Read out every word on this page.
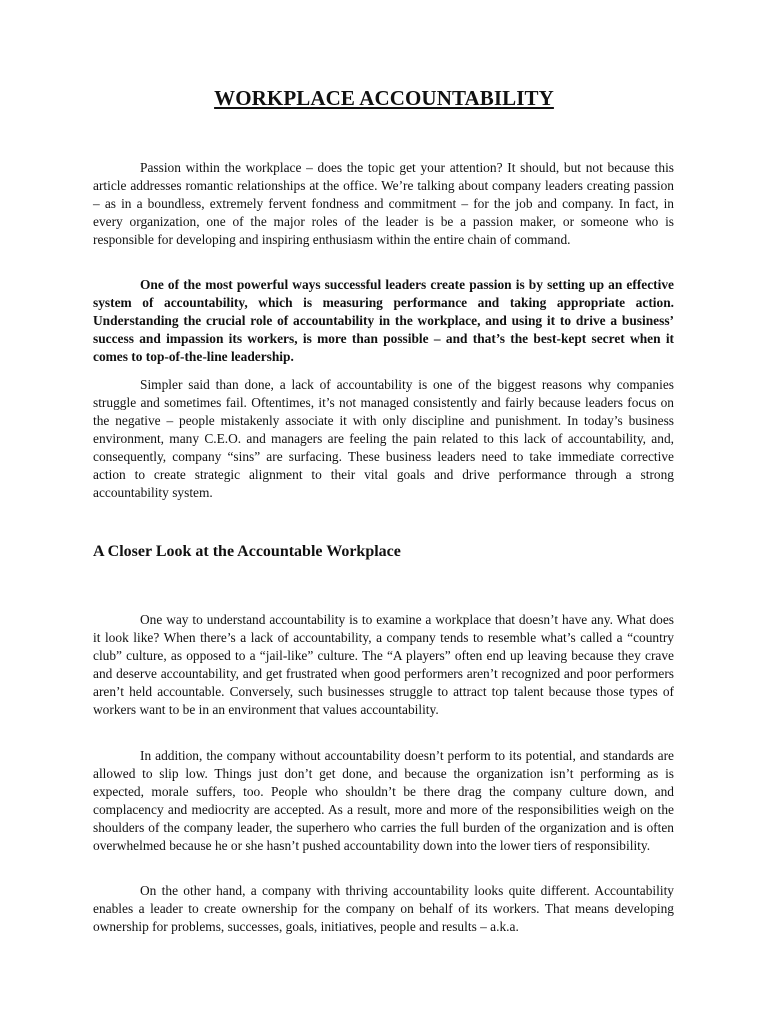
WORKPLACE ACCOUNTABILITY

Passion within the workplace – does the topic get your attention? It should, but not because this article addresses romantic relationships at the office. We’re talking about company leaders creating passion – as in a boundless, extremely fervent fondness and commitment – for the job and company. In fact, in every organization, one of the major roles of the leader is be a passion maker, or someone who is responsible for developing and inspiring enthusiasm within the entire chain of command.

One of the most powerful ways successful leaders create passion is by setting up an effective system of accountability, which is measuring performance and taking appropriate action. Understanding the crucial role of accountability in the workplace, and using it to drive a business’ success and impassion its workers, is more than possible – and that’s the best-kept secret when it comes to top-of-the-line leadership.

Simpler said than done, a lack of accountability is one of the biggest reasons why companies struggle and sometimes fail. Oftentimes, it’s not managed consistently and fairly because leaders focus on the negative – people mistakenly associate it with only discipline and punishment. In today’s business environment, many C.E.O. and managers are feeling the pain related to this lack of accountability, and, consequently, company “sins” are surfacing. These business leaders need to take immediate corrective action to create strategic alignment to their vital goals and drive performance through a strong accountability system.

A Closer Look at the Accountable Workplace

One way to understand accountability is to examine a workplace that doesn’t have any. What does it look like? When there’s a lack of accountability, a company tends to resemble what’s called a “country club” culture, as opposed to a “jail-like” culture. The “A players” often end up leaving because they crave and deserve accountability, and get frustrated when good performers aren’t recognized and poor performers aren’t held accountable. Conversely, such businesses struggle to attract top talent because those types of workers want to be in an environment that values accountability.

In addition, the company without accountability doesn’t perform to its potential, and standards are allowed to slip low. Things just don’t get done, and because the organization isn’t performing as is expected, morale suffers, too. People who shouldn’t be there drag the company culture down, and complacency and mediocrity are accepted. As a result, more and more of the responsibilities weigh on the shoulders of the company leader, the superhero who carries the full burden of the organization and is often overwhelmed because he or she hasn’t pushed accountability down into the lower tiers of responsibility.

On the other hand, a company with thriving accountability looks quite different. Accountability enables a leader to create ownership for the company on behalf of its workers. That means developing ownership for problems, successes, goals, initiatives, people and results – a.k.a.
